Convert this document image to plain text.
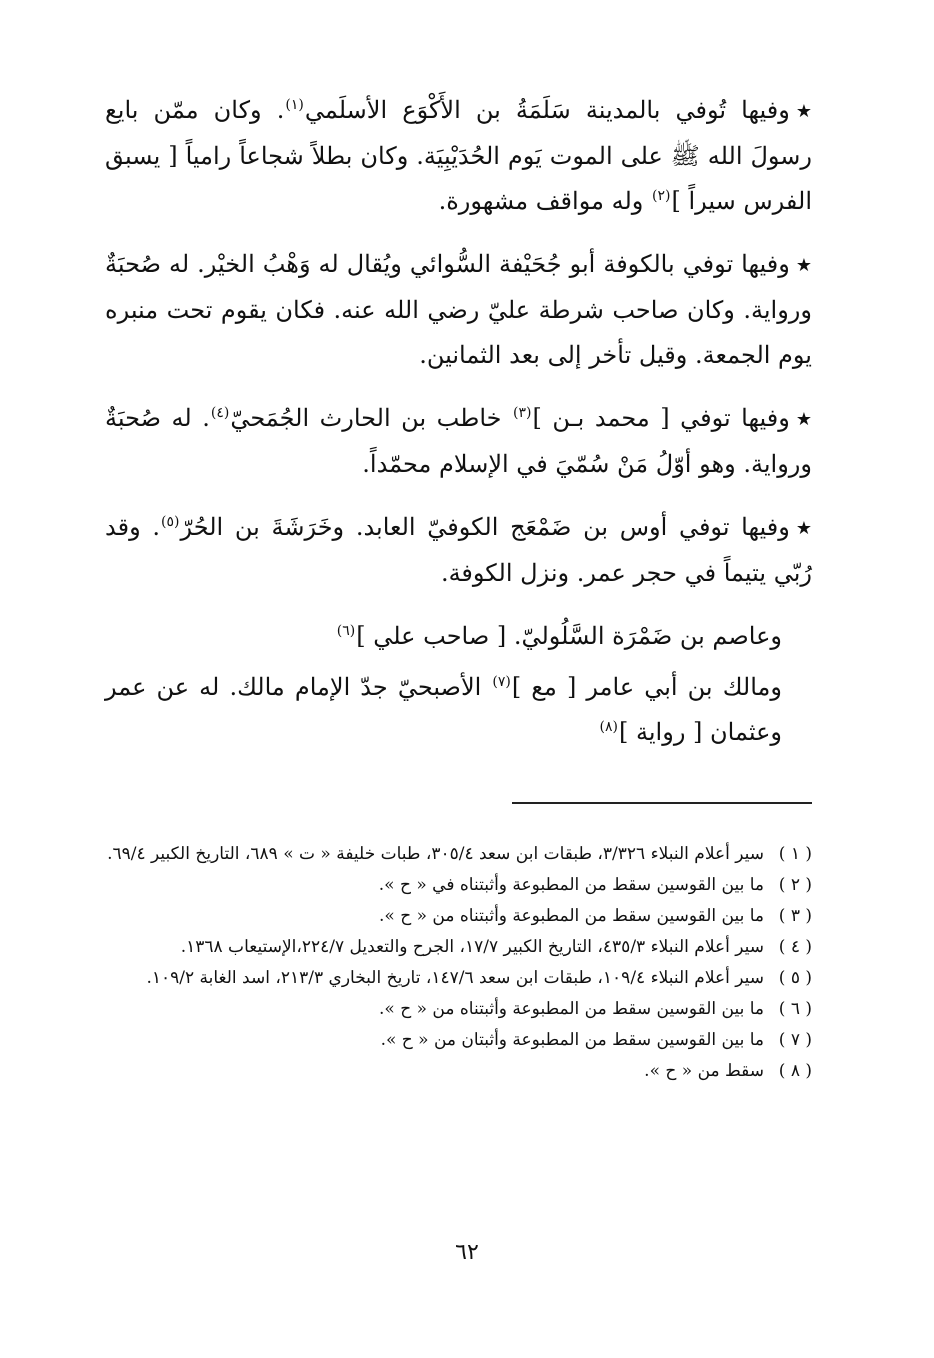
★وفيها تُوفي بالمدينة سَلَمَةُ بن الأَكْوَع الأسلَمي$^{(١)}$. وكان ممّن بايع رسولَ الله ﷺ على الموت يَوم الحُدَيْبِيَة. وكان بطلاً شجاعاً رامياً [ يسبق الفرس سيراً ]$^{(٢)}$ وله مواقف مشهورة.

★وفيها توفي بالكوفة أبو جُحَيْفة السُّوائي ويُقال له وَهْبُ الخيْر. له صُحبَةٌ ورواية. وكان صاحب شرطة عليّ رضي الله عنه. فكان يقوم تحت منبره يوم الجمعة. وقيل تأخر إلى بعد الثمانين.

★وفيها توفي [ محمد بـن ]$^{(٣)}$ خاطب بن الحارث الجُمَحيّ$^{(٤)}$. له صُحبَةٌ ورواية. وهو أوّلُ مَنْ سُمّيَ في الإسلام محمّداً.

★وفيها توفي أوس بن ضَمْعَج الكوفيّ العابد. وخَرَشَةَ بن الحُرّ$^{(٥)}$. وقد رُبّي يتيماً في حجر عمر. ونزل الكوفة.

وعاصم بن ضَمْرَة السَّلُوليّ. [ صاحب علي ]$^{(٦)}$

ومالك بن أبي عامر [ مع ]$^{(٧)}$ الأصبحيّ جدّ الإمام مالك. له عن عمر وعثمان [ رواية ]$^{(٨)}$

( ١ )
سير أعلام النبلاء ٣/٣٢٦، طبقات ابن سعد ٣٠٥/٤، طبات خليفة « ت » ٦٨٩، التاريخ الكبير ٦٩/٤.
( ٢ )
ما بين القوسين سقط من المطبوعة وأثبتناه في « ح ».
( ٣ )
ما بين القوسين سقط من المطبوعة وأثبتناه من « ح ».
( ٤ )
سير أعلام النبلاء ٤٣٥/٣، التاريخ الكبير ١٧/٧، الجرح والتعديل ٢٢٤/٧،الإستيعاب ١٣٦٨.
( ٥ )
سير أعلام النبلاء ١٠٩/٤، طبقات ابن سعد ١٤٧/٦، تاريخ البخاري ٢١٣/٣، اسد الغابة ١٠٩/٢.
( ٦ )
ما بين القوسين سقط من المطبوعة وأثبتناه من « ح ».
( ٧ )
ما بين القوسين سقط من المطبوعة وأثبتان من « ح ».
( ٨ )
سقط من « ح ».
٦٢
